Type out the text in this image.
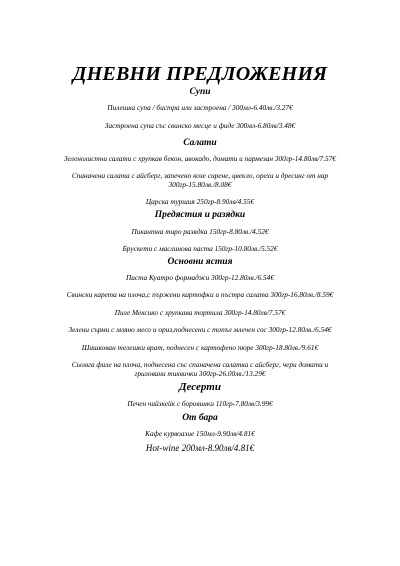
ДНЕВНИ ПРЕДЛОЖЕНИЯ
Супи
Пилешка супа / бистра или застроена / 300мл-6.40лв./3.27€
Застроена супа със свинско месце и фиде 300мл-6.80лв/3.48€
Салати
Зеленолистни салати с хрупкав бекон, авокадо, домати и пармезан 300гр-14.80лв/7.57€
Спаначена салата с айсберг, запечено козе сирене, цвекло, орехи и дресинг от нар
300гр-15.80лв./8.08€
Царска туршия 250гр-8.90лв/4.55€
Предястия и разядки
Пикантна тиро разядка 150гр-8.80лв./4.52€
Брускети с маслинова паста 150гр-10.80лв./5.52€
Основни ястия
Паста Куатро формаджи 300гр-12.80лв./6.54€
Свински карета на плоча,с пържени картофки и пъстра салата 300гр-16.80лв./8.59€
Пиле Мексико с хрупкава тортила 300гр-14.80лв/7.57€
Зелени сърми с мляно месо и ориз,поднесени с топъл млечен сос 300гр-12.80лв./6.54€
Шишкован телешки врат, поднесен с картофено пюре 300гр-18.80лв./9.61€
Сьомга филе на плоча, поднесена със спаначена салатка с айсберг, чери домати и
гриловани тиквички 300гр-26.00лв./13.29€
Десерти
Печен чийзкейк с боровинки 110гр-7.80лв/3.99€
От бара
Кафе курвоазие 150мл-9.90лв/4.81€
Hot-wine 200мл-8.90лв/4.81€
